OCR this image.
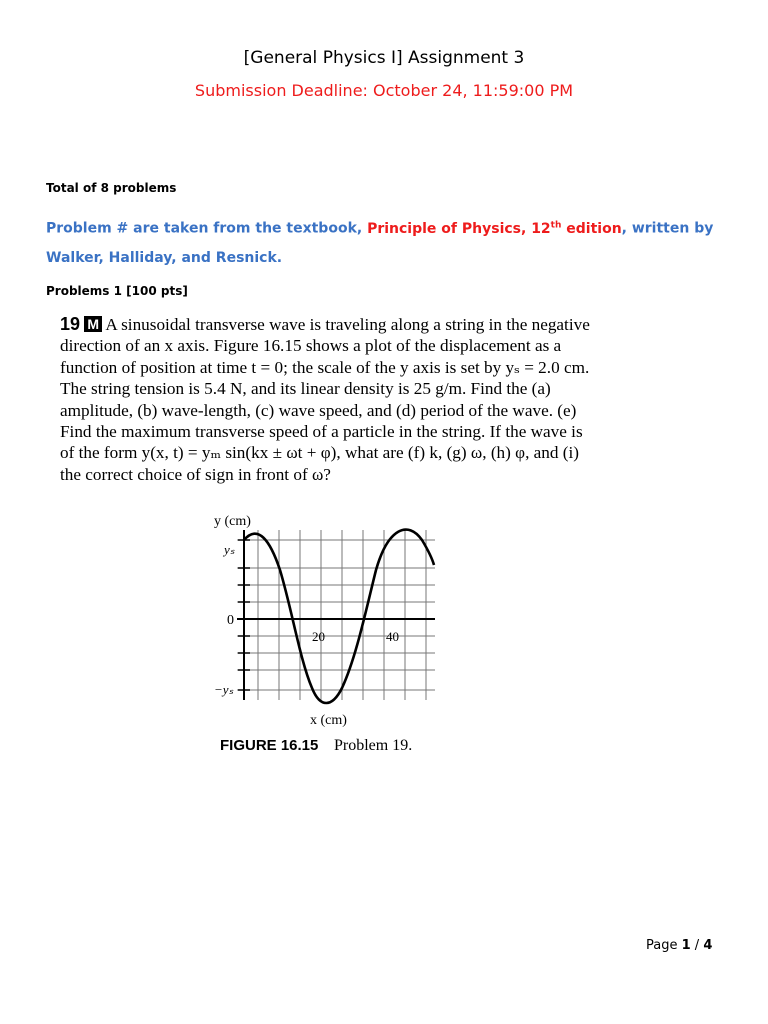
[General Physics I] Assignment 3
Submission Deadline: October 24, 11:59:00 PM
Total of 8 problems
Problem # are taken from the textbook, Principle of Physics, 12th edition, written by Walker, Halliday, and Resnick.
Problems 1 [100 pts]
19 M A sinusoidal transverse wave is traveling along a string in the negative direction of an x axis. Figure 16.15 shows a plot of the displacement as a function of position at time t = 0; the scale of the y axis is set by yₛ = 2.0 cm. The string tension is 5.4 N, and its linear density is 25 g/m. Find the (a) amplitude, (b) wave-length, (c) wave speed, and (d) period of the wave. (e) Find the maximum transverse speed of a particle in the string. If the wave is of the form y(x, t) = yₘ sin(kx ± ωt + φ), what are (f) k, (g) ω, (h) φ, and (i) the correct choice of sign in front of ω?
y (cm)
yₛ
0
−yₛ
20	40
x (cm)
FIGURE 16.15 Problem 19.
Page 1 / 4
